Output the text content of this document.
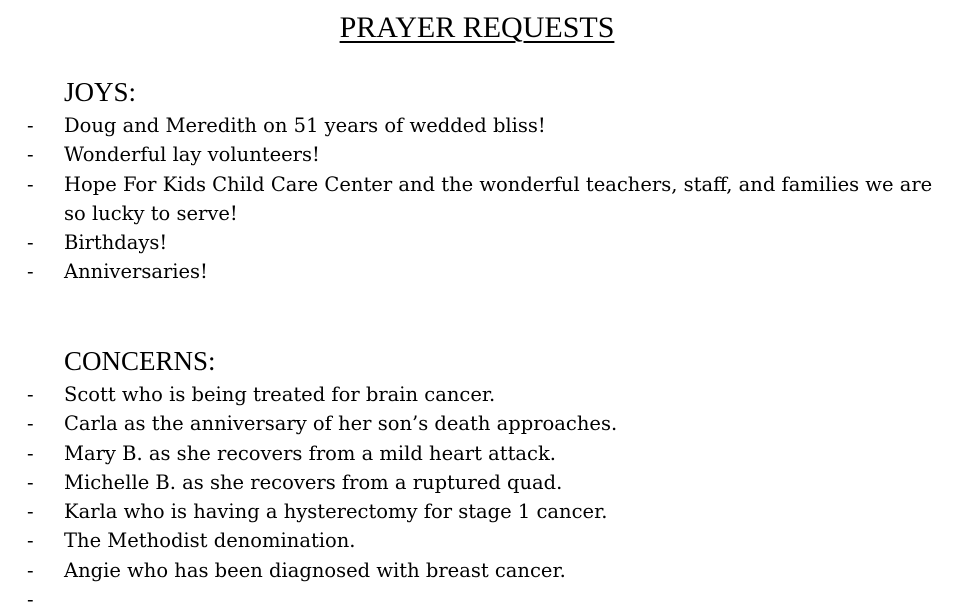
PRAYER REQUESTS
JOYS:
- Doug and Meredith on 51 years of wedded bliss!
- Wonderful lay volunteers!
- Hope For Kids Child Care Center and the wonderful teachers, staff, and families we are so lucky to serve!
- Birthdays!
- Anniversaries!
CONCERNS:
- Scott who is being treated for brain cancer.
- Carla as the anniversary of her son’s death approaches.
- Mary B. as she recovers from a mild heart attack.
- Michelle B. as she recovers from a ruptured quad.
- Karla who is having a hysterectomy for stage 1 cancer.
- The Methodist denomination.
- Angie who has been diagnosed with breast cancer.
-
